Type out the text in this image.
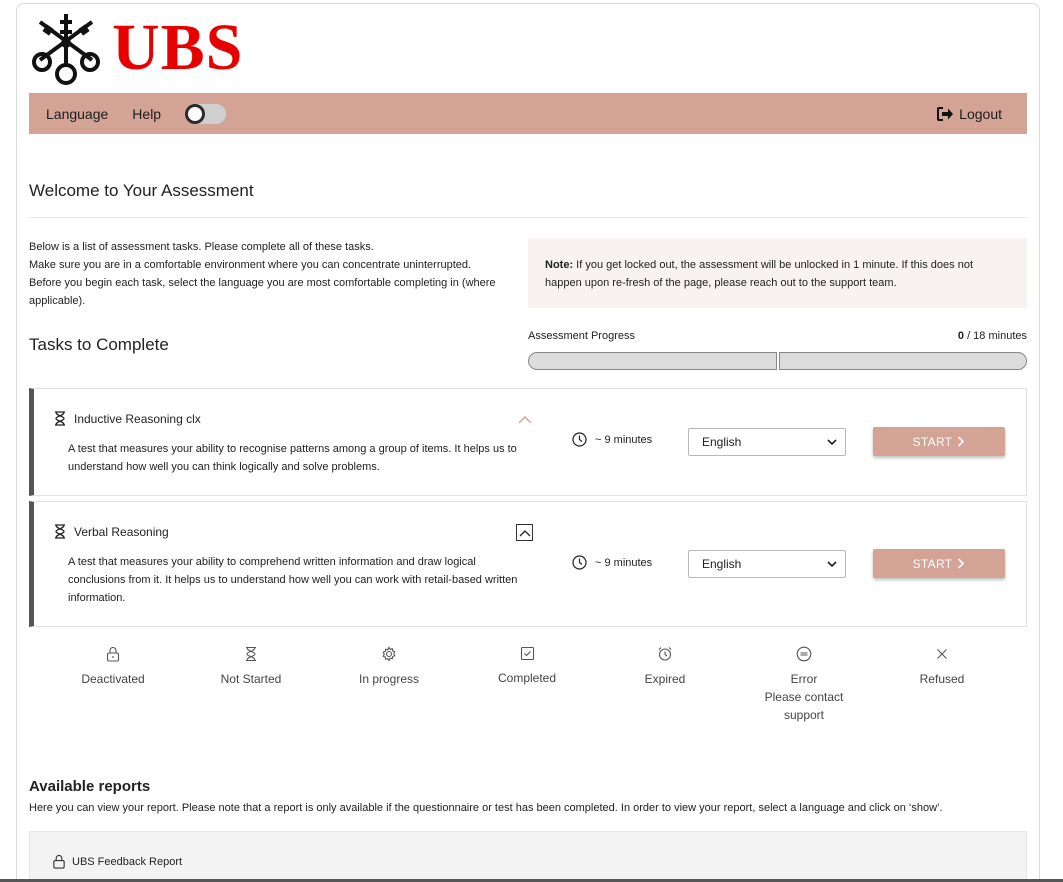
UBS
Language Help	Logout
Welcome to Your Assessment
Below is a list of assessment tasks. Please complete all of these tasks.
Make sure you are in a comfortable environment where you can concentrate uninterrupted.
Before you begin each task, select the language you are most comfortable completing in (where applicable).
Note: If you get locked out, the assessment will be unlocked in 1 minute. If this does not happen upon re-fresh of the page, please reach out to the support team.
Tasks to Complete	Assessment Progress	0 / 18 minutes
Inductive Reasoning clx
A test that measures your ability to recognise patterns among a group of items. It helps us to understand how well you can think logically and solve problems.
~ 9 minutes	English	START
Verbal Reasoning
A test that measures your ability to comprehend written information and draw logical conclusions from it. It helps us to understand how well you can work with retail-based written information.
~ 9 minutes	English	START
Deactivated	Not Started	In progress	Completed	Expired	Error
Please contact
support
Refused
Available reports
Here you can view your report. Please note that a report is only available if the questionnaire or test has been completed. In order to view your report, select a language and click on ‘show’.
UBS Feedback Report
